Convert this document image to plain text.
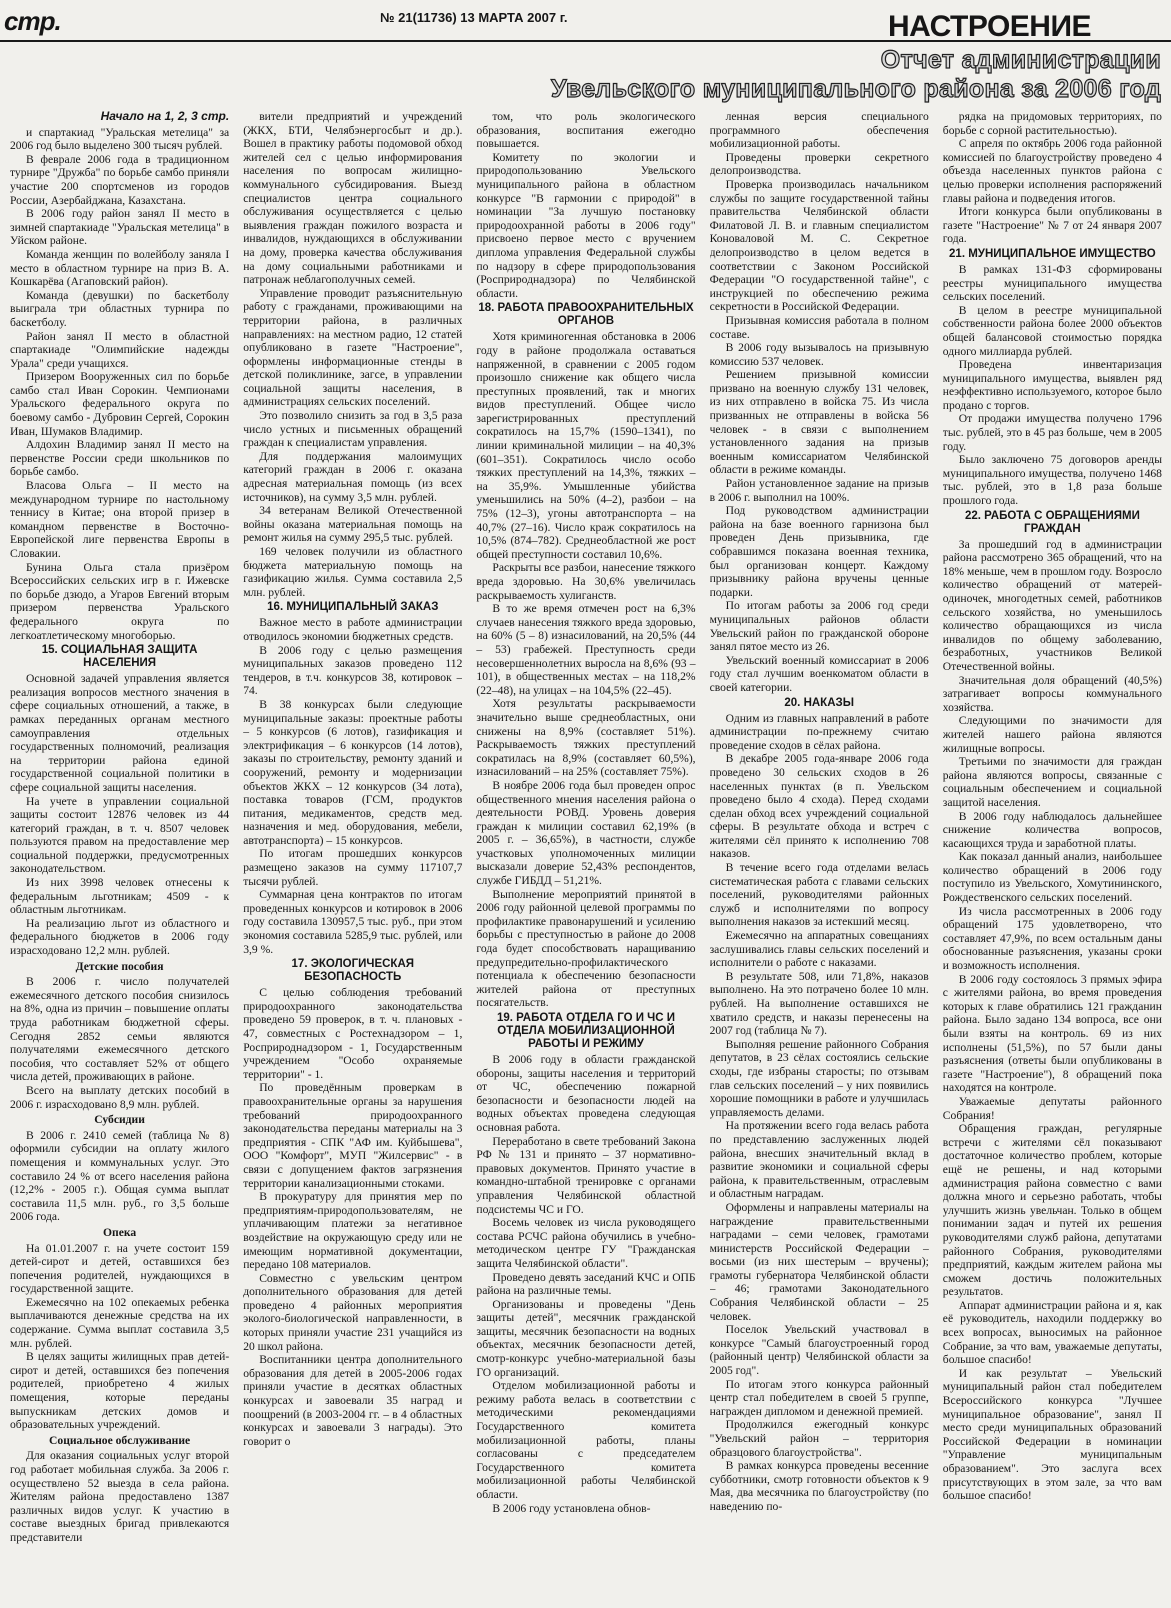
стр.	№ 21(11736) 13 МАРТА 2007 г.	НАСТРОЕНИЕ
Отчет администрации
Увельского муниципального района за 2006 год
Начало на 1, 2, 3 стр.

и спартакиад "Уральская метелица" за 2006 год было выделено 300 тысяч рублей.

В феврале 2006 года в традиционном турнире "Дружба" по борьбе самбо приняли участие 200 спортсменов из городов России, Азербайджана, Казахстана.

В 2006 году район занял II место в зимней спартакиаде "Уральская метелица" в Уйском районе.

Команда женщин по волейболу заняла I место в областном турнире на приз В. А. Кошкарёва (Агаповский район).

Команда (девушки) по баскетболу выиграла три областных турнира по баскетболу.

Район занял II место в областной спартакиаде "Олимпийские надежды Урала" среди учащихся.

Призером Вооруженных сил по борьбе самбо стал Иван Сорокин. Чемпионами Уральского федерального округа по боевому самбо - Дубровин Сергей, Сорокин Иван, Шумаков Владимир.

Алдохин Владимир занял II место на первенстве России среди школьников по борьбе самбо.

Власова Ольга – II место на международном турнире по настольному теннису в Китае; она второй призер в командном первенстве в Восточно-Европейской лиге первенства Европы в Словакии.

Бунина Ольга стала призёром Всероссийских сельских игр в г. Ижевске по борьбе дзюдо, а Угаров Евгений вторым призером первенства Уральского федерального округа по легкоатлетическому многоборью.

15. СОЦИАЛЬНАЯ ЗАЩИТА НАСЕЛЕНИЯ

Основной задачей управления является реализация вопросов местного значения в сфере социальных отношений, а также, в рамках переданных органам местного самоуправления отдельных государственных полномочий, реализация на территории района единой государственной социальной политики в сфере социальной защиты населения.

На учете в управлении социальной защиты состоит 12876 человек из 44 категорий граждан, в т. ч. 8507 человек пользуются правом на предоставление мер социальной поддержки, предусмотренных законодательством.

Из них 3998 человек отнесены к федеральным льготникам; 4509 - к областным льготникам.

На реализацию льгот из областного и федерального бюджетов в 2006 году израсходовано 12,2 млн. рублей.

Детские пособия

В 2006 г. число получателей ежемесячного детского пособия снизилось на 8%, одна из причин – повышение оплаты труда работникам бюджетной сферы. Сегодня 2852 семьи являются получателями ежемесячного детского пособия, что составляет 52% от общего числа детей, проживающих в районе.

Всего на выплату детских пособий в 2006 г. израсходовано 8,9 млн. рублей.

Субсидии

В 2006 г. 2410 семей (таблица № 8) оформили субсидии на оплату жилого помещения и коммунальных услуг. Это составило 24 % от всего населения района (12,2% - 2005 г.). Общая сумма выплат составила 11,5 млн. руб., го 3,5 больше 2006 года.

Опека

На 01.01.2007 г. на учете состоит 159 детей-сирот и детей, оставшихся без попечения родителей, нуждающихся в государственной защите.

Ежемесячно на 102 опекаемых ребенка выплачиваются денежные средства на их содержание. Сумма выплат составила 3,5 млн. рублей.

В целях защиты жилищных прав детей-сирот и детей, оставшихся без попечения родителей, приобретено 4 жилых помещения, которые переданы выпускникам детских домов и образовательных учреждений.

Социальное обслуживание

Для оказания социальных услуг второй год работает мобильная служба. За 2006 г. осуществлено 52 выезда в села района. Жителям района предоставлено 1387 различных видов услуг. К участию в составе выездных бригад привлекаются представители

вители предприятий и учреждений (ЖКХ, БТИ, Челябэнергосбыт и др.). Вошел в практику работы подомовой обход жителей сел с целью информирования населения по вопросам жилищно-коммунального субсидирования. Выезд специалистов центра социального обслуживания осуществляется с целью выявления граждан пожилого возраста и инвалидов, нуждающихся в обслуживании на дому, проверка качества обслуживания на дому социальными работниками и патронаж неблагополучных семей.

Управление проводит разъяснительную работу с гражданами, проживающими на территории района, в различных направлениях: на местном радио, 12 статей опубликовано в газете "Настроение", оформлены информационные стенды в детской поликлинике, загсе, в управлении социальной защиты населения, в администрациях сельских поселений.

Это позволило снизить за год в 3,5 раза число устных и письменных обращений граждан к специалистам управления.

Для поддержания малоимущих категорий граждан в 2006 г. оказана адресная материальная помощь (из всех источников), на сумму 3,5 млн. рублей.

34 ветеранам Великой Отечественной войны оказана материальная помощь на ремонт жилья на сумму 295,5 тыс. рублей.

169 человек получили из областного бюджета материальную помощь на газификацию жилья. Сумма составила 2,5 млн. рублей.

16. МУНИЦИПАЛЬНЫЙ ЗАКАЗ

Важное место в работе администрации отводилось экономии бюджетных средств.

В 2006 году с целью размещения муниципальных заказов проведено 112 тендеров, в т.ч. конкурсов 38, котировок – 74.

В 38 конкурсах были следующие муниципальные заказы: проектные работы – 5 конкурсов (6 лотов), газификация и электрификация – 6 конкурсов (14 лотов), заказы по строительству, ремонту зданий и сооружений, ремонту и модернизации объектов ЖКХ – 12 конкурсов (34 лота), поставка товаров (ГСМ, продуктов питания, медикаментов, средств мед. назначения и мед. оборудования, мебели, автотранспорта) – 15 конкурсов.

По итогам прошедших конкурсов размещено заказов на сумму 117107,7 тысячи рублей.

Суммарная цена контрактов по итогам проведенных конкурсов и котировок в 2006 году составила 130957,5 тыс. руб., при этом экономия составила 5285,9 тыс. рублей, или 3,9 %.

17. ЭКОЛОГИЧЕСКАЯ БЕЗОПАСНОСТЬ

С целью соблюдения требований природоохранного законодательства проведено 59 проверок, в т. ч. плановых - 47, совместных с Ростехнадзором – 1, Росприроднадзором - 1, Государственным учреждением "Особо охраняемые территории" - 1.

По проведённым проверкам в правоохранительные органы за нарушения требований природоохранного законодательства переданы материалы на 3 предприятия - СПК "АФ им. Куйбышева", ООО "Комфорт", МУП "Жилсервис" - в связи с допущением фактов загрязнения территории канализационными стоками.

В прокуратуру для принятия мер по предприятиям-природопользователям, не уплачивающим платежи за негативное воздействие на окружающую среду или не имеющим нормативной документации, передано 108 материалов.

Совместно с увельским центром дополнительного образования для детей проведено 4 районных мероприятия эколого-биологической направленности, в которых приняли участие 231 учащийся из 20 школ района.

Воспитанники центра дополнительного образования для детей в 2005-2006 годах приняли участие в десятках областных конкурсах и завоевали 35 наград и поощрений (в 2003-2004 гг. – в 4 областных конкурсах и завоевали 3 награды). Это говорит о

том, что роль экологического образования, воспитания ежегодно повышается.

Комитету по экологии и природопользованию Увельского муниципального района в областном конкурсе "В гармонии с природой" в номинации "За лучшую постановку природоохранной работы в 2006 году" присвоено первое место с вручением дипломa управления Федеральной службы по надзору в сфере природопользования (Росприроднадзора) по Челябинской области.

18. РАБОТА ПРАВООХРАНИТЕЛЬНЫХ ОРГАНОВ

Хотя криминогенная обстановка в 2006 году в районе продолжала оставаться напряженной, в сравнении с 2005 годом произошло снижение как общего числа преступных проявлений, так и многих видов преступлений. Общее число зарегистрированных преступлений сократилось на 15,7% (1590–1341), по линии криминальной милиции – на 40,3% (601–351). Сократилось число особо тяжких преступлений на 14,3%, тяжких – на 35,9%. Умышленные убийства уменьшились на 50% (4–2), разбои – на 75% (12–3), угоны автотранспорта – на 40,7% (27–16). Число краж сократилось на 10,5% (874–782). Среднеобластной же рост общей преступности составил 10,6%.

Раскрыты все разбои, нанесение тяжкого вреда здоровью. На 30,6% увеличилась раскрываемость хулиганств.

В то же время отмечен рост на 6,3% случаев нанесения тяжкого вреда здоровью, на 60% (5 – 8) изнасилований, на 20,5% (44 – 53) грабежей. Преступность среди несовершеннолетних выросла на 8,6% (93 – 101), в общественных местах – на 118,2% (22–48), на улицах – на 104,5% (22–45).

Хотя результаты раскрываемости значительно выше среднеобластных, они снижены на 8,9% (составляет 51%). Раскрываемость тяжких преступлений сократилась на 8,9% (составляет 60,5%), изнасилований – на 25% (составляет 75%).

В ноябре 2006 года был проведен опрос общественного мнения населения района о деятельности РОВД. Уровень доверия граждан к милиции составил 62,19% (в 2005 г. – 36,65%), в частности, службе участковых уполномоченных милиции высказали доверие 52,43% респондентов, службе ГИБДД – 51,21%.

Выполнение мероприятий принятой в 2006 году районной целевой программы по профилактике правонарушений и усилению борьбы с преступностью в районе до 2008 года будет способствовать наращиванию предупредительно-профилактического потенциала к обеспечению безопасности жителей района от преступных посягательств.

19. РАБОТА ОТДЕЛА ГО И ЧС И ОТДЕЛА МОБИЛИЗАЦИОННОЙ РАБОТЫ И РЕЖИМУ

В 2006 году в области гражданской обороны, защиты населения и территорий от ЧС, обеспечению пожарной безопасности и безопасности людей на водных объектах проведена следующая основная работа.

Переработано в свете требований Закона РФ № 131 и принято – 37 нормативно-правовых документов. Принято участие в командно-штабной тренировке с органами управления Челябинской областной подсистемы ЧС и ГО.

Восемь человек из числа руководящего состава РСЧС района обучились в учебно-методическом центре ГУ "Гражданская защита Челябинской области".

Проведено девять заседаний КЧС и ОПБ района на различные темы.

Организованы и проведены "День защиты детей", месячник гражданской защиты, месячник безопасности на водных объектах, месячник безопасности детей, смотр-конкурс учебно-материальной базы ГО организаций.

Отделом мобилизационной работы и режиму работа велась в соответствии с методическими рекомендациями Государственного комитета мобилизационной работы, планы согласованы с председателем Государственного комитета мобилизационной работы Челябинской области.

В 2006 году установлена обнов-

ленная версия специального программного обеспечения мобилизационной работы.

Проведены проверки секретного делопроизводства.

Проверка производилась начальником службы по защите государственной тайны правительства Челябинской области Филатовой Л. В. и главным специалистом Коноваловой М. С. Секретное делопроизводство в целом ведется в соответствии с Законом Российской Федерации "О государственной тайне", с инструкцией по обеспечению режима секретности в Российской Федерации.

Призывная комиссия работала в полном составе.

В 2006 году вызывалось на призывную комиссию 537 человек.

Решением призывной комиссии призвано на военную службу 131 человек, из них отправлено в войска 75. Из числа призванных не отправлены в войска 56 человек - в связи с выполнением установленного задания на призыв военным комиссариатом Челябинской области в режиме команды.

Район установленное задание на призыв в 2006 г. выполнил на 100%.

Под руководством администрации района на базе военного гарнизона был проведен День призывника, где собравшимся показана военная техника, был организован концерт. Каждому призывнику района вручены ценные подарки.

По итогам работы за 2006 год среди муниципальных районов области Увельский район по гражданской обороне занял пятое место из 26.

Увельский военный комиссариат в 2006 году стал лучшим военкоматом области в своей категории.

20. НАКАЗЫ

Одним из главных направлений в работе администрации по-прежнему считаю проведение сходов в сёлах района.

В декабре 2005 года-январе 2006 года проведено 30 сельских сходов в 26 населенных пунктах (в п. Увельском проведено было 4 схода). Перед сходами сделан обход всех учреждений социальной сферы. В результате обхода и встреч с жителями сёл принято к исполнению 708 наказов.

В течение всего года отделами велась систематическая работа с главами сельских поселений, руководителями районных служб и исполнителями по вопросу выполнения наказов за истекший месяц.

Ежемесячно на аппаратных совещаниях заслушивались главы сельских поселений и исполнители о работе с наказами.

В результате 508, или 71,8%, наказов выполнено. На это потрачено более 10 млн. рублей. На выполнение оставшихся не хватило средств, и наказы перенесены на 2007 год (таблица № 7).

Выполняя решение районного Собрания депутатов, в 23 сёлах состоялись сельские сходы, где избраны старосты; по отзывам глав сельских поселений – у них появились хорошие помощники в работе и улучшилась управляемость делами.

На протяжении всего года велась работа по представлению заслуженных людей района, внесших значительный вклад в развитие экономики и социальной сферы района, к правительственным, отраслевым и областным наградам.

Оформлены и направлены материалы на награждение правительственными наградами – семи человек, грамотами министерств Российской Федерации – восьми (из них шестерым – вручены); грамоты губернатора Челябинской области – 46; грамотами Законодательного Собрания Челябинской области – 25 человек.

Поселок Увельский участвовал в конкурсе "Самый благоустроенный город (районный центр) Челябинской области за 2005 год".

По итогам этого конкурса районный центр стал победителем в своей 5 группе, награжден дипломом и денежной премией.

Продолжился ежегодный конкурс "Увельский район – территория образцового благоустройства".

В рамках конкурса проведены весенние субботники, смотр готовности объектов к 9 Мая, два месячника по благоустройству (по наведению по-

рядка на придомовых территориях, по борьбе с сорной растительностью).

С апреля по октябрь 2006 года районной комиссией по благоустройству проведено 4 объезда населенных пунктов района с целью проверки исполнения распоряжений главы района и подведения итогов.

Итоги конкурса были опубликованы в газете "Настроение" № 7 от 24 января 2007 года.

21. МУНИЦИПАЛЬНОЕ ИМУЩЕСТВО

В рамках 131-ФЗ сформированы реестры муниципального имущества сельских поселений.

В целом в реестре муниципальной собственности района более 2000 объектов общей балансовой стоимостью порядка одного миллиарда рублей.

Проведена инвентаризация муниципального имущества, выявлен ряд неэффективно используемого, которое было продано с торгов.

От продажи имущества получено 1796 тыс. рублей, это в 45 раз больше, чем в 2005 году.

Было заключено 75 договоров аренды муниципального имущества, получено 1468 тыс. рублей, это в 1,8 раза больше прошлого года.

22. РАБОТА С ОБРАЩЕНИЯМИ ГРАЖДАН

За прошедший год в администрации района рассмотрено 365 обращений, что на 18% меньше, чем в прошлом году. Возросло количество обращений от матерей-одиночек, многодетных семей, работников сельского хозяйства, но уменьшилось количество обращающихся из числа инвалидов по общему заболеванию, безработных, участников Великой Отечественной войны.

Значительная доля обращений (40,5%) затрагивает вопросы коммунального хозяйства.

Следующими по значимости для жителей нашего района являются жилищные вопросы.

Третьими по значимости для граждан района являются вопросы, связанные с социальным обеспечением и социальной защитой населения.

В 2006 году наблюдалось дальнейшее снижение количества вопросов, касающихся труда и заработной платы.

Как показал данный анализ, наибольшее количество обращений в 2006 году поступило из Увельского, Хомутининского, Рождественского сельских поселений.

Из числа рассмотренных в 2006 году обращений 175 удовлетворено, что составляет 47,9%, по всем остальным даны обоснованные разъяснения, указаны сроки и возможность исполнения.

В 2006 году состоялось 3 прямых эфира с жителями района, во время проведения которых к главе обратились 121 гражданин района. Было задано 134 вопроса, все они были взяты на контроль. 69 из них исполнены (51,5%), по 57 были даны разъяснения (ответы были опубликованы в газете "Настроение"), 8 обращений пока находятся на контроле.

Уважаемые депутаты районного Собрания!

Обращения граждан, регулярные встречи с жителями сёл показывают достаточное количество проблем, которые ещё не решены, и над которыми администрация района совместно с вами должна много и серьезно работать, чтобы улучшить жизнь увельчан. Только в общем понимании задач и путей их решения руководителями служб района, депутатами районного Собрания, руководителями предприятий, каждым жителем района мы сможем достичь положительных результатов.

Аппарат администрации района и я, как её руководитель, находили поддержку во всех вопросах, выносимых на районное Собрание, за что вам, уважаемые депутаты, большое спасибо!

И как результат – Увельский муниципальный район стал победителем Всероссийского конкурса "Лучшее муниципальное образование", занял II место среди муниципальных образований Российской Федерации в номинации "Управление муниципальным образованием". Это заслуга всех присутствующих в этом зале, за что вам большое спасибо!
